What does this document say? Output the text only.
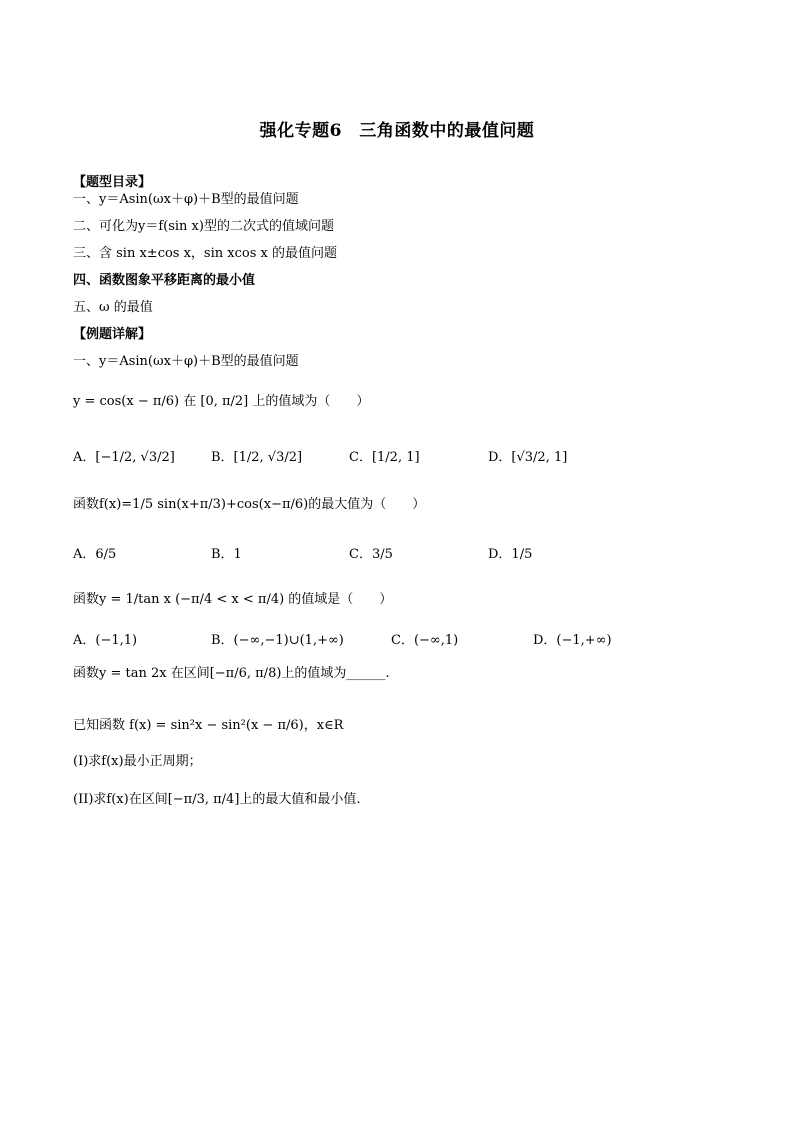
强化专题6　三角函数中的最值问题
【题型目录】
一、y＝Asin(ωx＋φ)＋B型的最值问题
二、可化为y＝f(sin x)型的二次式的值域问题
三、含 sin x±cos x，sin xcos x 的最值问题
四、函数图象平移距离的最小值
五、ω 的最值
【例题详解】
一、y＝Asin(ωx＋φ)＋B型的最值问题
y = cos(x − π/6) 在 [0, π/2] 上的值域为（　　）
A．[−1/2, √3/2]	B．[1/2, √3/2]	C．[1/2, 1]	D．[√3/2, 1]
函数f(x)=1/5 sin(x+π/3)+cos(x−π/6)的最大值为（　　）
A．6/5	B．1	C．3/5	D．1/5
函数y = 1/tan x (−π/4 < x < π/4) 的值域是（　　）
A．(−1,1)	B．(−∞,−1)∪(1,+∞)	C．(−∞,1)	D．(−1,+∞)
函数y = tan 2x 在区间[−π/6, π/8)上的值域为______.
已知函数 f(x) = sin²x − sin²(x − π/6)，x∈R
(I)求f(x)最小正周期；
(II)求f(x)在区间[−π/3, π/4]上的最大值和最小值.
